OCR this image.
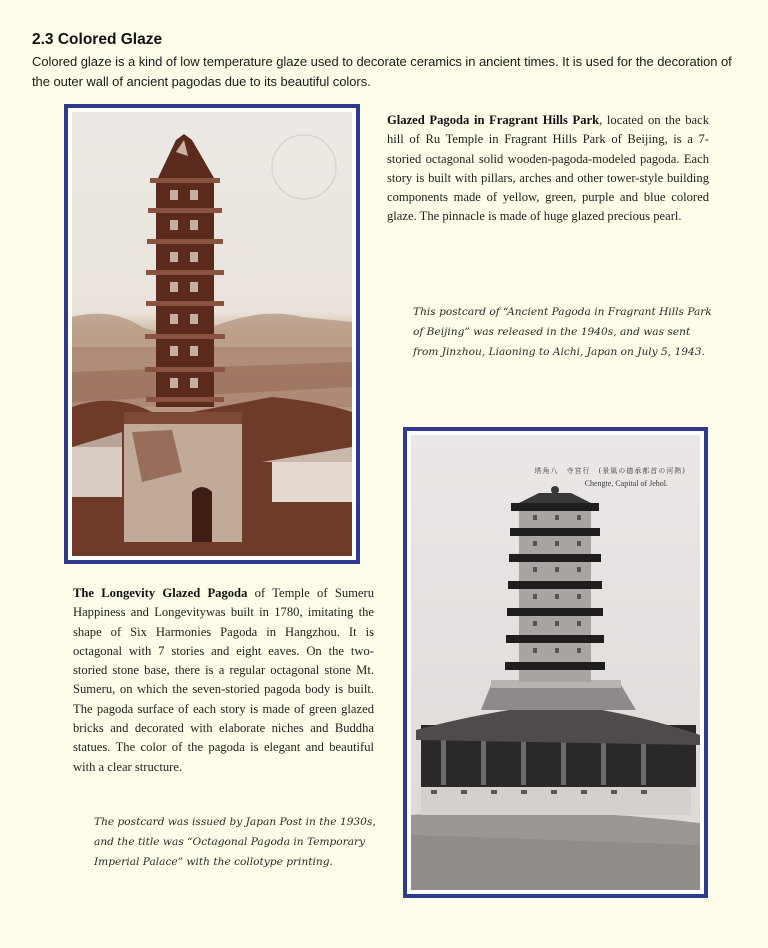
2.3 Colored Glaze

Colored glaze is a kind of low temperature glaze used to decorate ceramics in ancient times. It is used for the decoration of the outer wall of ancient pagodas due to its beautiful colors.

Glazed Pagoda in Fragrant Hills Park, located on the back hill of Ru Temple in Fragrant Hills Park of Beijing, is a 7-storied octagonal solid wooden-pagoda-modeled pagoda. Each story is built with pillars, arches and other tower-style building components made of yellow, green, purple and blue colored glaze. The pinnacle is made of huge glazed precious pearl.

This postcard of “Ancient Pagoda in Fragrant Hills Park of Beijing” was released in the 1940s, and was sent from Jinzhou, Liaoning to Aichi, Japan on July 5, 1943.

The Longevity Glazed Pagoda of Temple of Sumeru Happiness and Longevitywas built in 1780, imitating the shape of Six Harmonies Pagoda in Hangzhou. It is octagonal with 7 stories and eight eaves. On the two-storied stone base, there is a regular octagonal stone Mt. Sumeru, on which the seven-storied pagoda body is built. The pagoda surface of each story is made of green glazed bricks and decorated with elaborate niches and Buddha statues. The color of the pagoda is elegant and beautiful with a clear structure.

The postcard was issued by Japan Post in the 1930s, and the title was “Octagonal Pagoda in Temporary Imperial Palace” with the collotype printing.

塔角八　寺宮行　(景風の德承都首の河熱)
Chengte, Capital of Jehol.
